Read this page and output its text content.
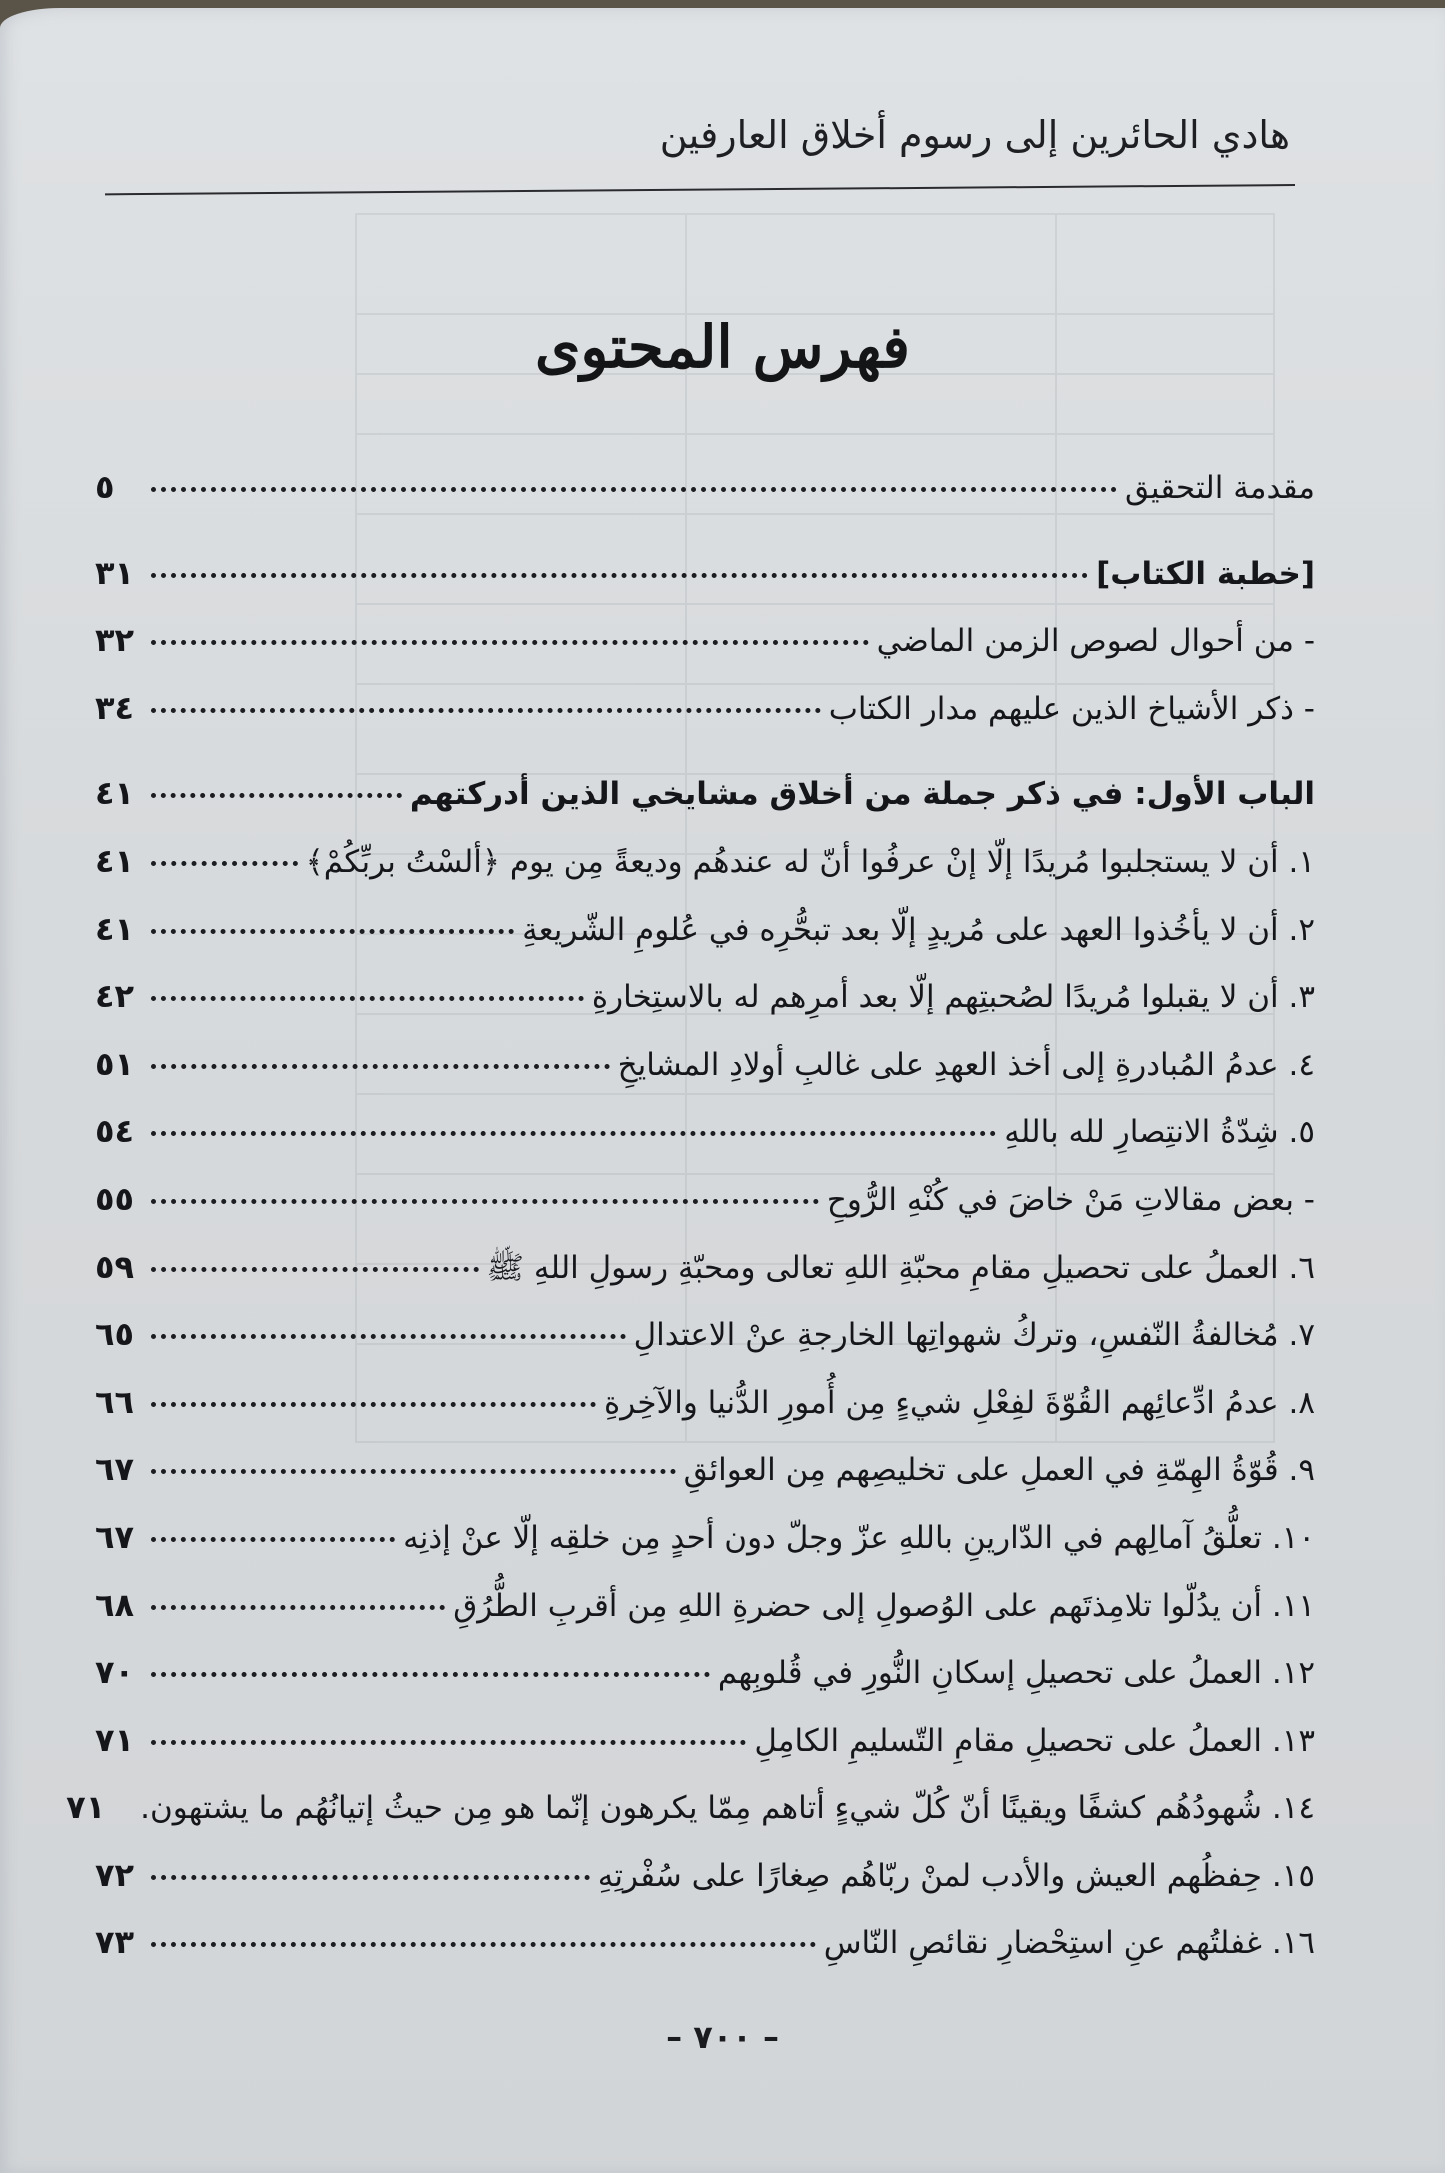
هادي الحائرين إلى رسوم أخلاق العارفين
فهرس المحتوى
مقدمة التحقيق
٥
[خطبة الكتاب]
٣١
- من أحوال لصوص الزمن الماضي
٣٢
- ذكر الأشياخ الذين عليهم مدار الكتاب
٣٤
الباب الأول: في ذكر جملة من أخلاق مشايخي الذين أدركتهم
٤١
١. أن لا يستجلبوا مُريدًا إلّا إنْ عرفُوا أنّ له عندهُم وديعةً مِن يوم ﴿ألسْتُ بربِّكُمْ﴾
٤١
٢. أن لا يأخُذوا العهد على مُريدٍ إلّا بعد تبحُّرِه في عُلومِ الشّريعةِ
٤١
٣. أن لا يقبلوا مُريدًا لصُحبتِهم إلّا بعد أمرِهم له بالاستِخارةِ
٤٢
٤. عدمُ المُبادرةِ إلى أخذ العهدِ على غالبِ أولادِ المشايخِ
٥١
٥. شِدّةُ الانتِصارِ لله باللهِ
٥٤
- بعض مقالاتِ مَنْ خاضَ في كُنْهِ الرُّوحِ
٥٥
٦. العملُ على تحصيلِ مقامِ محبّةِ اللهِ تعالى ومحبّةِ رسولِ اللهِ ﷺ
٥٩
٧. مُخالفةُ النّفسِ، وتركُ شهواتِها الخارجةِ عنْ الاعتدالِ
٦٥
٨. عدمُ ادِّعائِهم القُوّةَ لفِعْلِ شيءٍ مِن أُمورِ الدُّنيا والآخِرةِ
٦٦
٩. قُوّةُ الهِمّةِ في العملِ على تخليصِهم مِن العوائقِ
٦٧
١٠. تعلُّقُ آمالِهم في الدّارينِ باللهِ عزّ وجلّ دون أحدٍ مِن خلقِه إلّا عنْ إذنِه
٦٧
١١. أن يدُلّوا تلامِذتَهم على الوُصولِ إلى حضرةِ اللهِ مِن أقربِ الطُّرُقِ
٦٨
١٢. العملُ على تحصيلِ إسكانِ النُّورِ في قُلوبِهم
٧٠
١٣. العملُ على تحصيلِ مقامِ التّسليمِ الكامِلِ
٧١
١٤. شُهودُهُم كشفًا ويقينًا أنّ كُلّ شيءٍ أتاهم مِمّا يكرهون إنّما هو مِن حيثُ إتيانُهُم ما يشتهون.
٧١
١٥. حِفظُهم العيش والأدب لمنْ ربّاهُم صِغارًا على سُفْرتِهِ
٧٢
١٦. غفلتُهم عنِ استِحْضارِ نقائصِ النّاسِ
٧٣
– ٧٠٠ –
